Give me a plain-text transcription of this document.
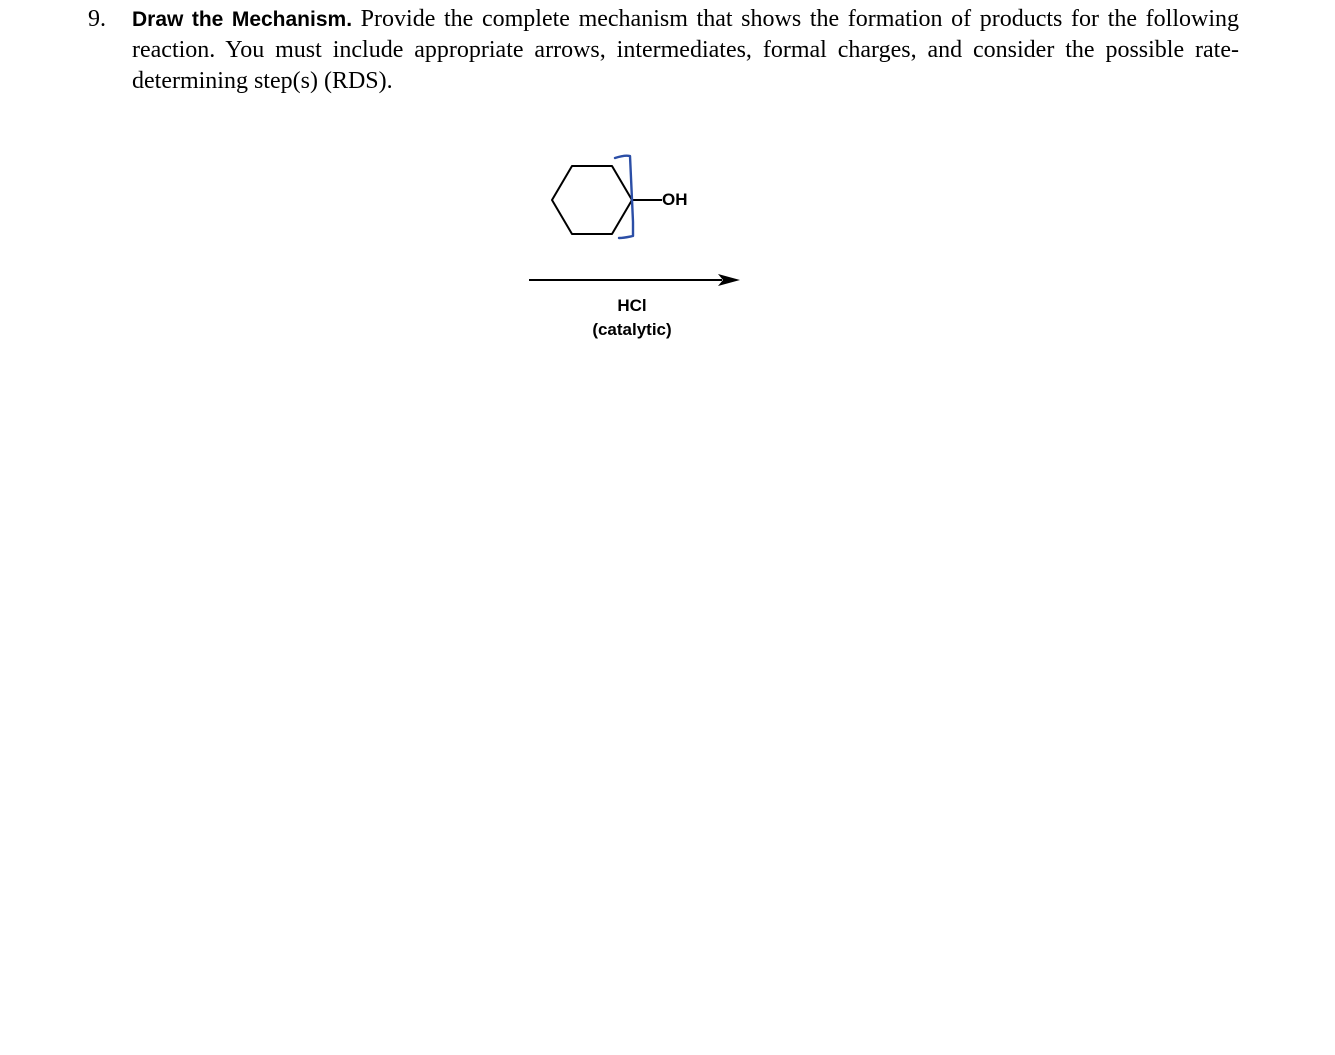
9. Draw the Mechanism. Provide the complete mechanism that shows the formation of products for the following reaction. You must include appropriate arrows, intermediates, formal charges, and consider the possible rate-determining step(s) (RDS).
OH
HCl
(catalytic)
